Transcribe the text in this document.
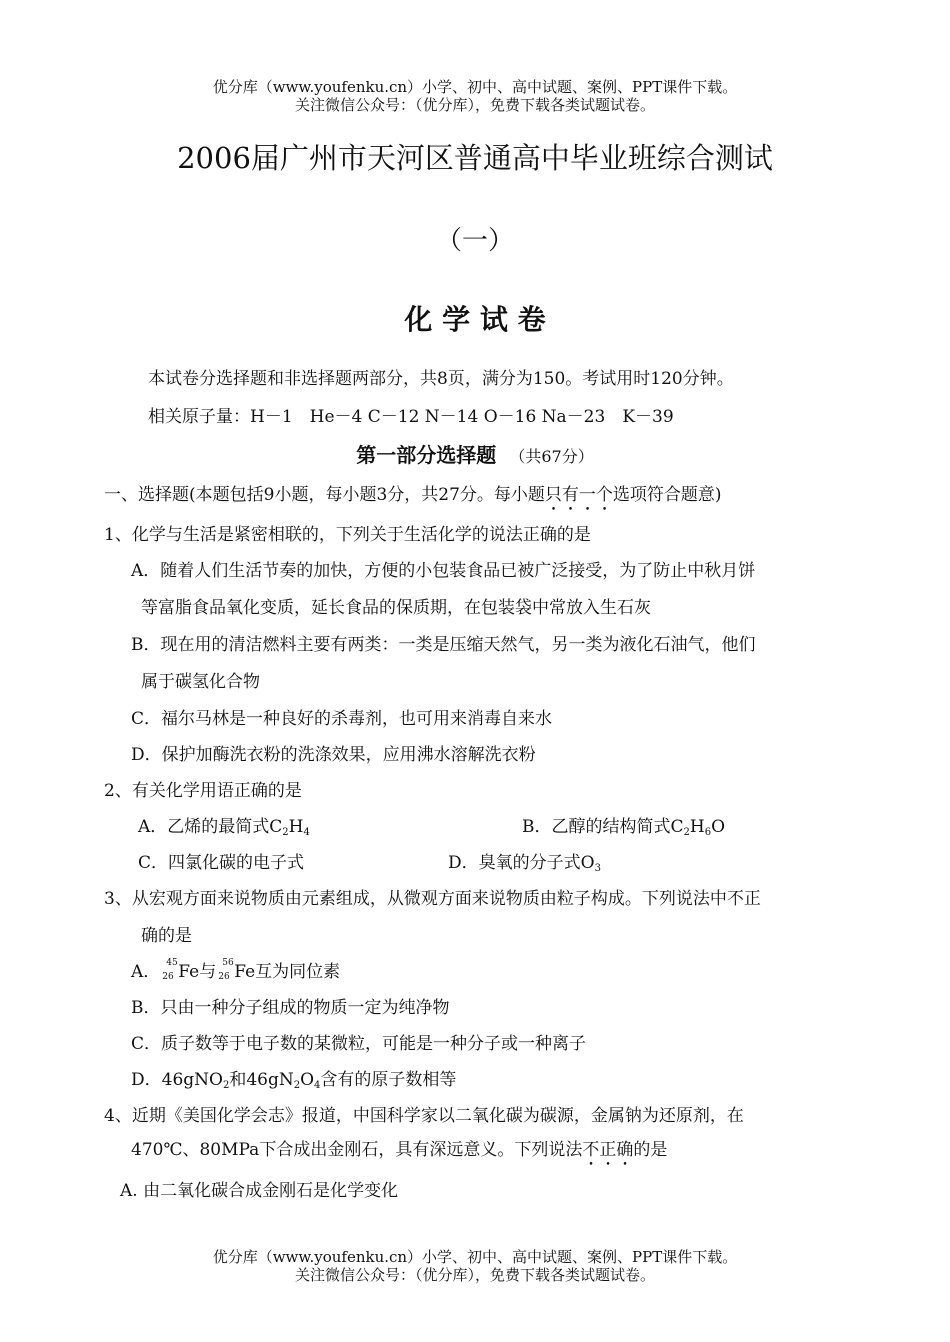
优分库（www.youfenku.cn）小学、初中、高中试题、案例、PPT课件下载。
关注微信公众号：（优分库），免费下载各类试题试卷。
2006届广州市天河区普通高中毕业班综合测试
（一）
化 学 试 卷
本试卷分选择题和非选择题两部分，共8页，满分为150。考试用时120分钟。
相关原子量：H－1　He－4 C－12 N－14 O－16 Na－23　K－39
第一部分选择题 （共67分）
一、选择题(本题包括9小题，每小题3分，共27分。每小题只有一个选项符合题意)
1、化学与生活是紧密相联的，下列关于生活化学的说法正确的是
A．随着人们生活节奏的加快，方便的小包装食品已被广泛接受，为了防止中秋月饼
等富脂食品氧化变质，延长食品的保质期，在包装袋中常放入生石灰
B．现在用的清洁燃料主要有两类：一类是压缩天然气，另一类为液化石油气，他们
属于碳氢化合物
C．福尔马林是一种良好的杀毒剂，也可用来消毒自来水
D．保护加酶洗衣粉的洗涤效果，应用沸水溶解洗衣粉
2、有关化学用语正确的是
A．乙烯的最简式$C_2H_4$	B．乙醇的结构简式$C_2H_6O$
C．四氯化碳的电子式	D．臭氧的分子式$O_3$
3、从宏观方面来说物质由元素组成，从微观方面来说物质由粒子构成。下列说法中不正
确的是
A． 45
26 Fe与 56
26 Fe互为同位素
B．只由一种分子组成的物质一定为纯净物
C．质子数等于电子数的某微粒，可能是一种分子或一种离子
D．46gNO$_2$和$46gN_2O_4$含有的原子数相等
4、近期《美国化学会志》报道，中国科学家以二氧化碳为碳源，金属钠为还原剂，在
470℃、80MPa下合成出金刚石，具有深远意义。下列说法不正确的是
A. 由二氧化碳合成金刚石是化学变化
优分库（www.youfenku.cn）小学、初中、高中试题、案例、PPT课件下载。
关注微信公众号：（优分库），免费下载各类试题试卷。
